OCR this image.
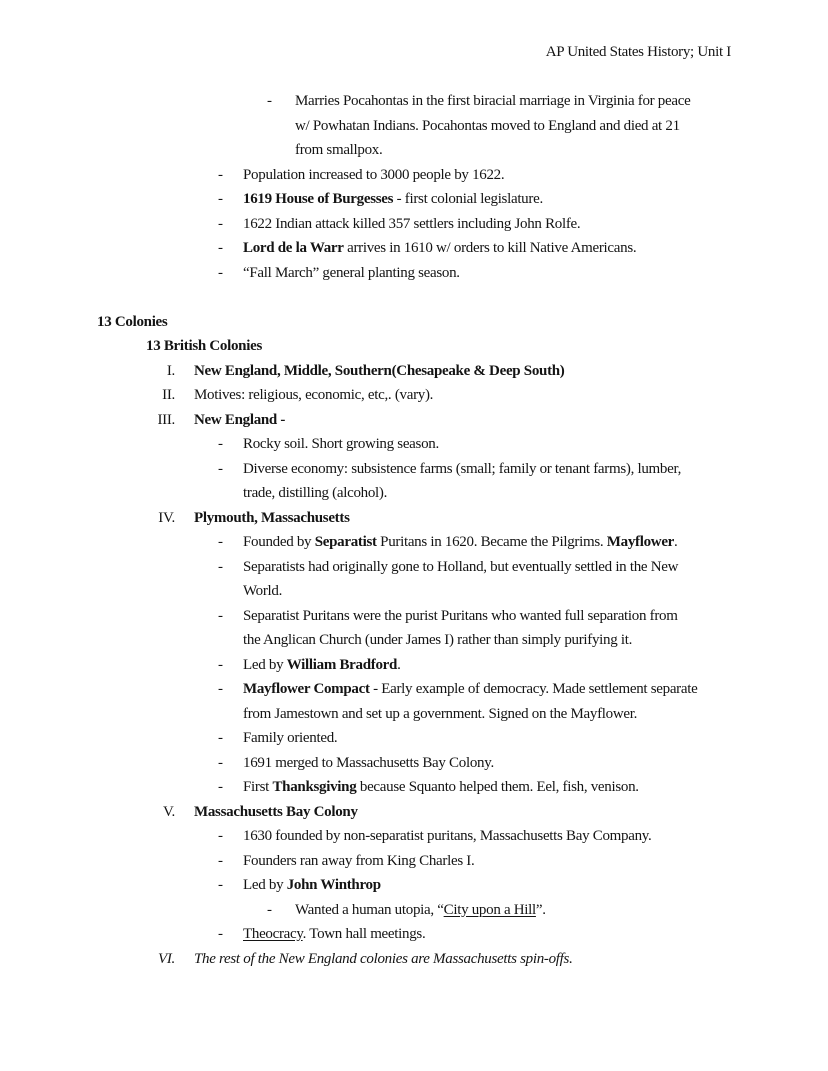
AP United States History; Unit I
-	Marries Pocahontas in the first biracial marriage in Virginia for peace
w/ Powhatan Indians. Pocahontas moved to England and died at 21
from smallpox.
-	Population increased to 3000 people by 1622.
-	1619 House of Burgesses - first colonial legislature.
-	1622 Indian attack killed 357 settlers including John Rolfe.
-	Lord de la Warr arrives in 1610 w/ orders to kill Native Americans.
-	“Fall March” general planting season.
13 Colonies
13 British Colonies
I. New England, Middle, Southern(Chesapeake & Deep South)
II. Motives: religious, economic, etc,. (vary).
III. New England -
-	Rocky soil. Short growing season.
-	Diverse economy: subsistence farms (small; family or tenant farms), lumber,
trade, distilling (alcohol).
IV. Plymouth, Massachusetts
-	Founded by Separatist Puritans in 1620. Became the Pilgrims. Mayflower.
-	Separatists had originally gone to Holland, but eventually settled in the New
World.
-	Separatist Puritans were the purist Puritans who wanted full separation from
the Anglican Church (under James I) rather than simply purifying it.
-	Led by William Bradford.
-	Mayflower Compact - Early example of democracy. Made settlement separate
from Jamestown and set up a government. Signed on the Mayflower.
-	Family oriented.
-	1691 merged to Massachusetts Bay Colony.
-	First Thanksgiving because Squanto helped them. Eel, fish, venison.
V. Massachusetts Bay Colony
-	1630 founded by non-separatist puritans, Massachusetts Bay Company.
-	Founders ran away from King Charles I.
-	Led by John Winthrop
-	Wanted a human utopia, “City upon a Hill”.
-	Theocracy. Town hall meetings.
VI. The rest of the New England colonies are Massachusetts spin-offs.
